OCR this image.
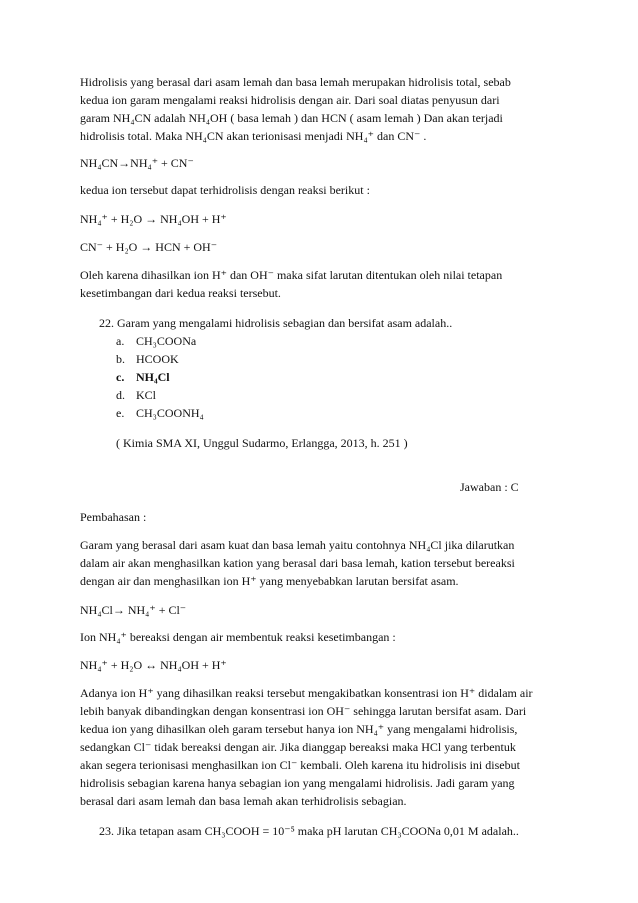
Hidrolisis yang berasal dari asam lemah dan basa lemah merupakan hidrolisis total, sebab
kedua ion garam mengalami reaksi hidrolisis dengan air. Dari soal diatas penyusun dari
garam NH₄CN adalah NH₄OH ( basa lemah ) dan HCN ( asam lemah ) Dan akan terjadi
hidrolisis total. Maka NH₄CN akan terionisasi menjadi NH₄⁺ dan CN⁻ .
NH₄CN→NH₄⁺ + CN⁻
kedua ion tersebut dapat terhidrolisis dengan reaksi berikut :
NH₄⁺ + H₂O → NH₄OH + H⁺
CN⁻ + H₂O → HCN + OH⁻
Oleh karena dihasilkan ion H⁺ dan OH⁻ maka sifat larutan ditentukan oleh nilai tetapan
kesetimbangan dari kedua reaksi tersebut.
22. Garam yang mengalami hidrolisis sebagian dan bersifat asam adalah..
a. CH₃COONa
b. HCOOK
c. NH₄Cl
d. KCl
e. CH₃COONH₄
( Kimia SMA XI, Unggul Sudarmo, Erlangga, 2013, h. 251 )
Jawaban : C
Pembahasan :
Garam yang berasal dari asam kuat dan basa lemah yaitu contohnya NH₄Cl jika dilarutkan
dalam air akan menghasilkan kation yang berasal dari basa lemah, kation tersebut bereaksi
dengan air dan menghasilkan ion H⁺ yang menyebabkan larutan bersifat asam.
NH₄Cl→ NH₄⁺ + Cl⁻
Ion NH₄⁺ bereaksi dengan air membentuk reaksi kesetimbangan :
NH₄⁺ + H₂O ↔ NH₄OH + H⁺
Adanya ion H⁺ yang dihasilkan reaksi tersebut mengakibatkan konsentrasi ion H⁺ didalam air
lebih banyak dibandingkan dengan konsentrasi ion OH⁻ sehingga larutan bersifat asam. Dari
kedua ion yang dihasilkan oleh garam tersebut hanya ion NH₄⁺ yang mengalami hidrolisis,
sedangkan Cl⁻ tidak bereaksi dengan air. Jika dianggap bereaksi maka HCl yang terbentuk
akan segera terionisasi menghasilkan ion Cl⁻ kembali. Oleh karena itu hidrolisis ini disebut
hidrolisis sebagian karena hanya sebagian ion yang mengalami hidrolisis. Jadi garam yang
berasal dari asam lemah dan basa lemah akan terhidrolisis sebagian.
23. Jika tetapan asam CH₃COOH = 10⁻⁵ maka pH larutan CH₃COONa 0,01 M adalah..
